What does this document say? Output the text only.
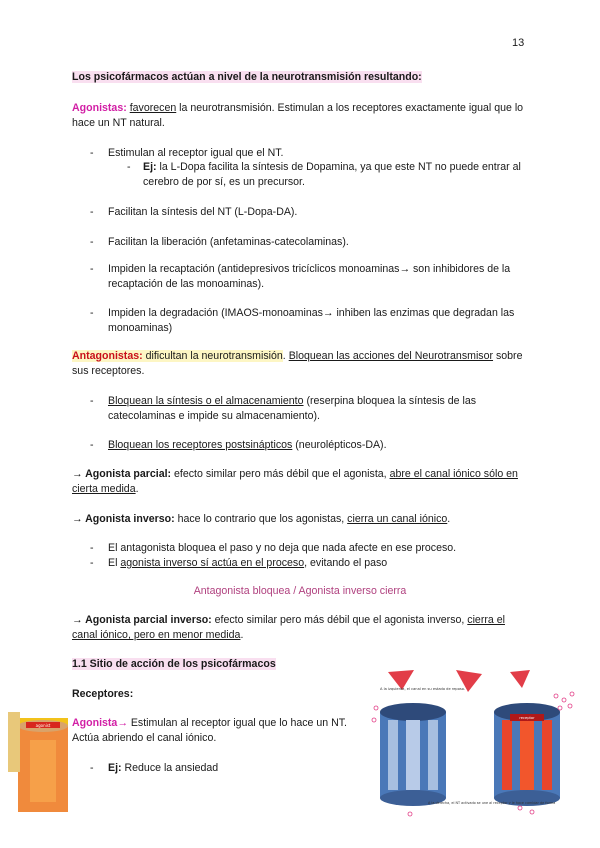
13
Los psicofármacos actúan a nivel de la neurotransmisión resultando:
Agonistas: favorecen la neurotransmisión. Estimulan a los receptores exactamente igual que lo hace un NT natural.
- Estimulan al receptor igual que el NT.
- Ej: la L-Dopa facilita la síntesis de Dopamina, ya que este NT no puede entrar al cerebro de por sí, es un precursor.
- Facilitan la síntesis del NT (L-Dopa-DA).
- Facilitan la liberación (anfetaminas-catecolaminas).
- Impiden la recaptación (antidepresivos tricíclicos monoaminas→ son inhibidores de la recaptación de las monoaminas).
- Impiden la degradación (IMAOS-monoaminas→ inhiben las enzimas que degradan las monoaminas)
Antagonistas: dificultan la neurotransmisión. Bloquean las acciones del Neurotransmisor sobre sus receptores.
- Bloquean la síntesis o el almacenamiento (reserpina bloquea la síntesis de las catecolaminas e impide su almacenamiento).
- Bloquean los receptores postsinápticos (neurolépticos-DA).
→ Agonista parcial: efecto similar pero más débil que el agonista, abre el canal iónico sólo en cierta medida.
→ Agonista inverso: hace lo contrario que los agonistas, cierra un canal iónico.
- El antagonista bloquea el paso y no deja que nada afecte en ese proceso.
- El agonista inverso sí actúa en el proceso, evitando el paso
Antagonista bloquea / Agonista inverso cierra
→ Agonista parcial inverso: efecto similar pero más débil que el agonista inverso, cierra el canal iónico, pero en menor medida.
1.1 Sitio de acción de los psicofármacos
Receptores:
Agonista→ Estimulan al receptor igual que lo hace un NT. Actúa abriendo el canal iónico.
- Ej: Reduce la ansiedad
agonist
A la izquierda, el canal en su estado de reposo.
receptor
A la derecha, el NT activado se une al receptor y le hace cambiar de forma
